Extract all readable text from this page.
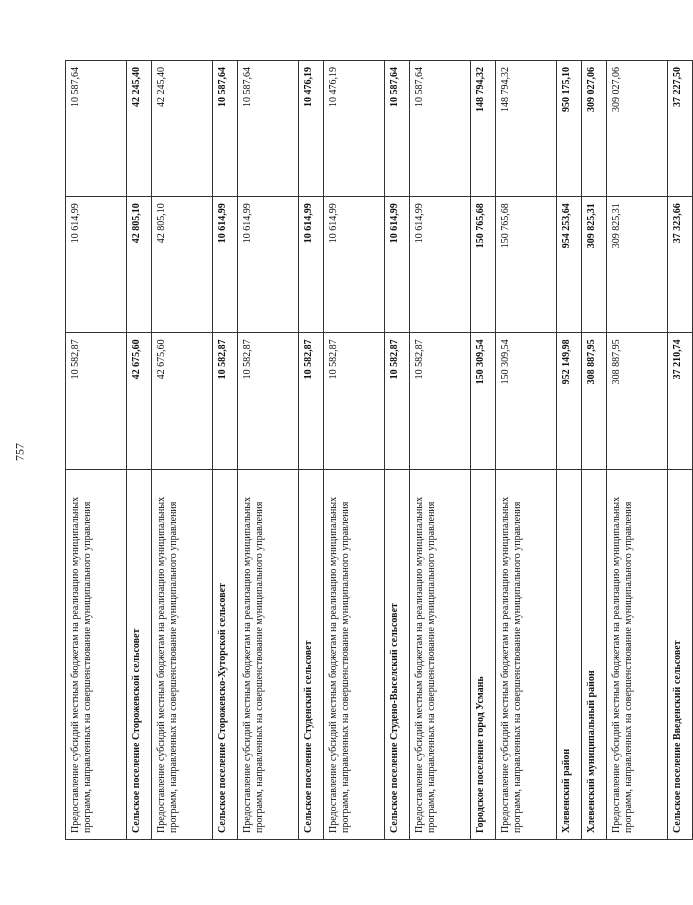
757
Предоставление субсидий местным бюджетам на реализацию муниципальных программ, направленных на совершенствование муниципального управления	10 582,87	10 614,99	10 587,64
Сельское поселение Сторожевской сельсовет	42 675,60	42 805,10	42 245,40
Предоставление субсидий местным бюджетам на реализацию муниципальных программ, направленных на совершенствование муниципального управления	42 675,60	42 805,10	42 245,40
Сельское поселение Сторожевско-Хуторской сельсовет	10 582,87	10 614,99	10 587,64
Предоставление субсидий местным бюджетам на реализацию муниципальных программ, направленных на совершенствование муниципального управления	10 582,87	10 614,99	10 587,64
Сельское поселение Студенский сельсовет	10 582,87	10 614,99	10 476,19
Предоставление субсидий местным бюджетам на реализацию муниципальных программ, направленных на совершенствование муниципального управления	10 582,87	10 614,99	10 476,19
Сельское поселение Студено-Выселский сельсовет	10 582,87	10 614,99	10 587,64
Предоставление субсидий местным бюджетам на реализацию муниципальных программ, направленных на совершенствование муниципального управления	10 582,87	10 614,99	10 587,64
Городское поселение город Усмань	150 309,54	150 765,68	148 794,32
Предоставление субсидий местным бюджетам на реализацию муниципальных программ, направленных на совершенствование муниципального управления	150 309,54	150 765,68	148 794,32
Хлевенский район	952 149,98	954 253,64	950 175,10
Хлевенский муниципальный район	308 887,95	309 825,31	309 027,06
Предоставление субсидий местным бюджетам на реализацию муниципальных программ, направленных на совершенствование муниципального управления	308 887,95	309 825,31	309 027,06
Сельское поселение Введенский сельсовет	37 210,74	37 323,66	37 227,50
